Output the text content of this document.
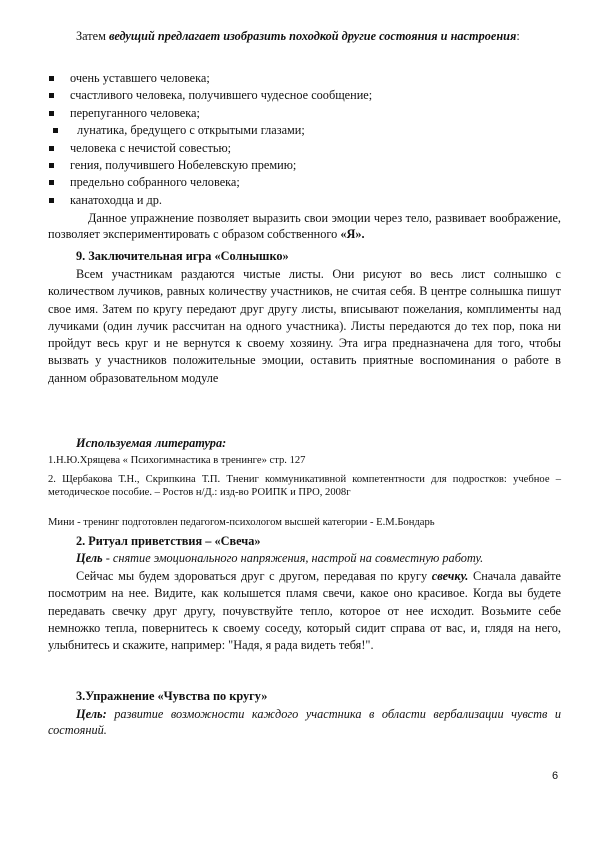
Затем ведущий предлагает изобразить походкой другие состояния и настроения:

очень уставшего человека;
счастливого человека, получившего чудесное сообщение;
перепуганного человека;
лунатика, бредущего с открытыми глазами;
человека с нечистой совестью;
гения, получившего Нобелевскую премию;
предельно собранного человека;
канатоходца и др.

Данное упражнение позволяет выразить свои эмоции через тело, развивает воображение, позволяет экспериментировать с образом собственного «Я».

9. Заключительная игра «Солнышко»

Всем участникам раздаются чистые листы. Они рисуют во весь лист солнышко с количеством лучиков, равных количеству участников, не считая себя. В центре солнышка пишут свое имя. Затем по кругу передают друг другу листы, вписывают пожелания, комплименты над лучиками (один лучик рассчитан на одного участника). Листы передаются до тех пор, пока ни пройдут весь круг и не вернутся к своему хозяину. Эта игра предназначена для того, чтобы вызвать у участников положительные эмоции, оставить приятные воспоминания о работе в данном образовательном модуле

Используемая литература:

1.Н.Ю.Хрящева « Психогимнастика в тренинге» стр. 127

2. Щербакова Т.Н., Скрипкина Т.П. Тнениг коммуникативной компетентности для подростков: учебное – методическое пособие. – Ростов н/Д.: изд-во РОИПК и ПРО, 2008г

Мини - тренинг подготовлен педагогом-психологом высшей категории - Е.М.Бондарь

2. Ритуал приветствия – «Свеча»

Цель - снятие эмоционального напряжения, настрой на совместную работу.

Сейчас мы будем здороваться друг с другом, передавая по кругу свечку. Сначала давайте посмотрим на нее. Видите, как колышется пламя свечи, какое оно красивое. Когда вы будете передавать свечку друг другу, почувствуйте тепло, которое от нее исходит. Возьмите себе немножко тепла, повернитесь к своему соседу, который сидит справа от вас, и, глядя на него, улыбнитесь и скажите, например: "Надя, я рада видеть тебя!".

3.Упражнение «Чувства по кругу»

Цель: развитие возможности каждого участника в области вербализации чувств и состояний.

6
